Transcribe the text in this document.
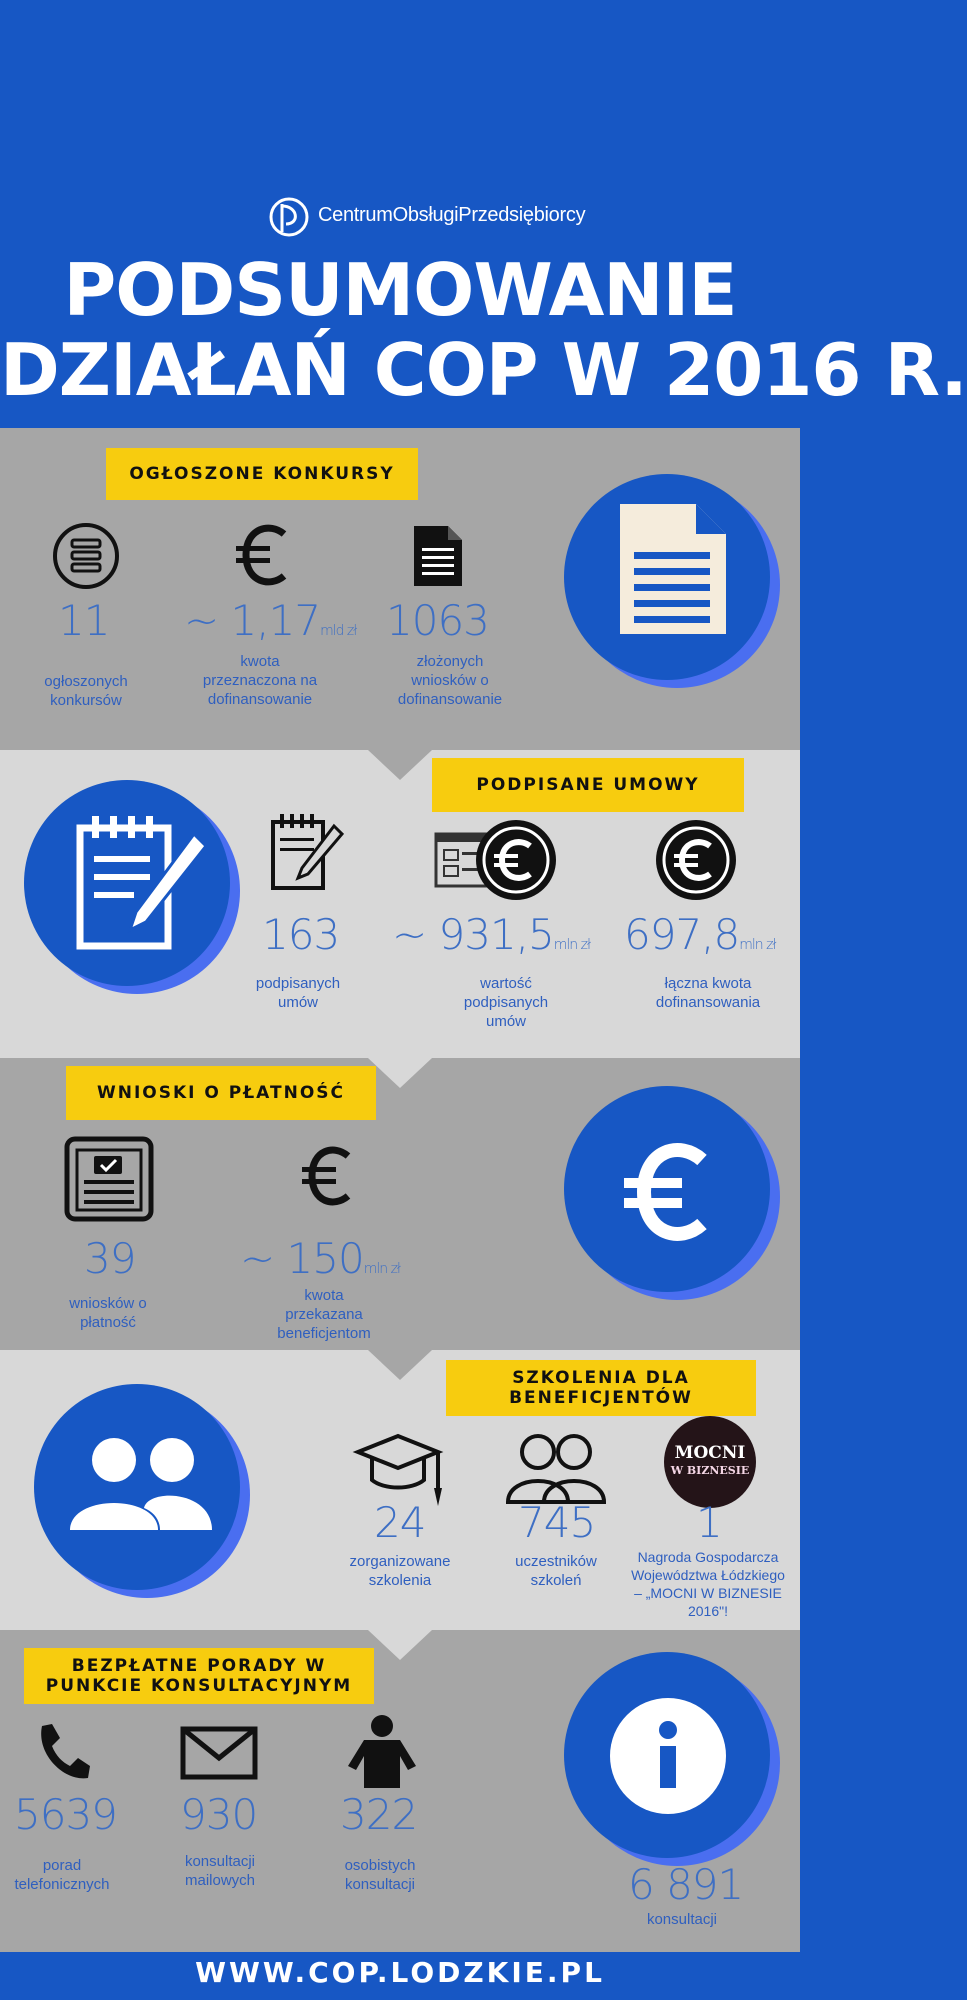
CentrumObsługiPrzedsiębiorcy
PODSUMOWANIE
DZIAŁAŃ COP W 2016 R.
OGŁOSZONE KONKURSY
11
ogłoszonych
konkursów
~ 1,17mld zł
kwota
przeznaczona na
dofinansowanie
1063
złożonych
wniosków o
dofinansowanie
PODPISANE UMOWY
163
podpisanych
umów
~ 931,5mln zł
wartość
podpisanych
umów
697,8mln zł
łączna kwota
dofinansowania
WNIOSKI O PŁATNOŚĆ
39
wniosków o
płatność
~ 150mln zł
kwota
przekazana
beneficjentom
SZKOLENIA DLA
BENEFICJENTÓW
24
zorganizowane
szkolenia
745
uczestników
szkoleń
MOCNI
W BIZNESIE
1
Nagroda Gospodarcza
Województwa Łódzkiego
– „MOCNI W BIZNESIE
2016"!
BEZPŁATNE PORADY W
PUNKCIE KONSULTACYJNYM
5639
porad
telefonicznych
930
konsultacji
mailowych
322
osobistych
konsultacji	6 891
konsultacji
WWW.COP.LODZKIE.PL
